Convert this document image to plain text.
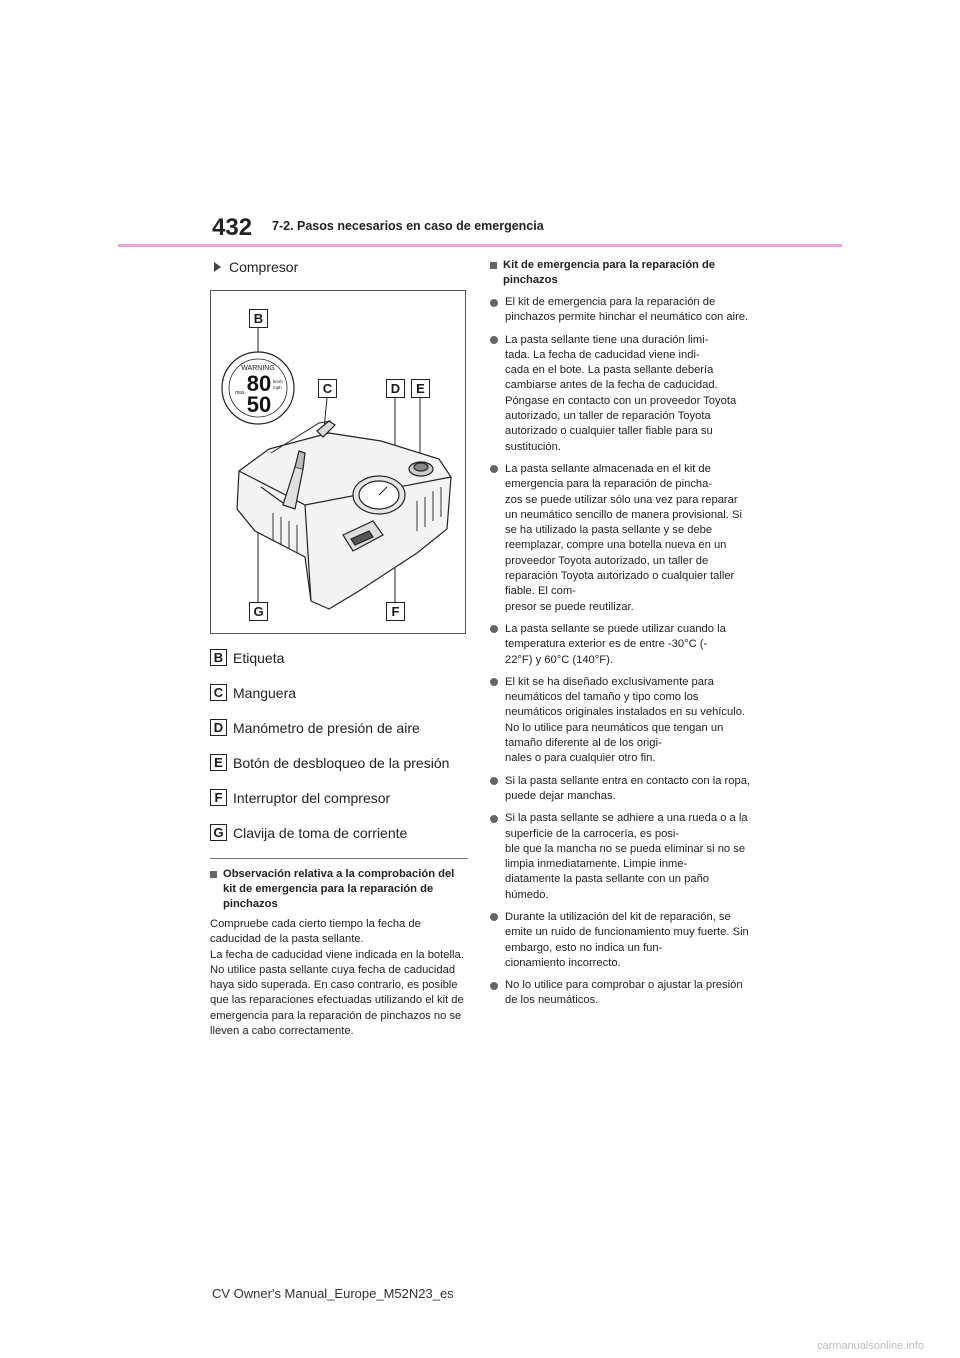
432 7-2. Pasos necesarios en caso de emergencia
Compresor
WARNING
80
50
max.
km/h
mph
B
C	D	E
F
G
B Etiqueta
C Manguera
D Manómetro de presión de aire
E Botón de desbloqueo de la presión
F Interruptor del compresor
G Clavija de toma de corriente
Observación relativa a la comprobación del kit de emergencia para la reparación de pinchazos
Compruebe cada cierto tiempo la fecha de caducidad de la pasta sellante.
La fecha de caducidad viene indicada en la botella. No utilice pasta sellante cuya fecha de caducidad haya sido superada. En caso contrario, es posible que las reparaciones efectuadas utilizando el kit de emergencia para la reparación de pinchazos no se lleven a cabo correctamente.
Kit de emergencia para la reparación de pinchazos
El kit de emergencia para la reparación de pinchazos permite hinchar el neumático con aire.
La pasta sellante tiene una duración limi-
tada. La fecha de caducidad viene indi-
cada en el bote. La pasta sellante debería cambiarse antes de la fecha de caducidad. Póngase en contacto con un proveedor Toyota autorizado, un taller de reparación Toyota autorizado o cualquier taller fiable para su sustitución.
La pasta sellante almacenada en el kit de emergencia para la reparación de pincha-
zos se puede utilizar sólo una vez para reparar un neumático sencillo de manera provisional. Si se ha utilizado la pasta sellante y se debe reemplazar, compre una botella nueva en un proveedor Toyota autorizado, un taller de reparación Toyota autorizado o cualquier taller fiable. El com-
presor se puede reutilizar.
La pasta sellante se puede utilizar cuando la temperatura exterior es de entre -30°C (-
22°F) y 60°C (140°F).
El kit se ha diseñado exclusivamente para neumáticos del tamaño y tipo como los neumáticos originales instalados en su vehículo. No lo utilice para neumáticos que tengan un tamaño diferente al de los origi-
nales o para cualquier otro fin.
Si la pasta sellante entra en contacto con la ropa, puede dejar manchas.
Si la pasta sellante se adhiere a una rueda o a la superficie de la carrocería, es posi-
ble que la mancha no se pueda eliminar si no se limpia inmediatamente. Limpie inme-
diatamente la pasta sellante con un paño húmedo.
Durante la utilización del kit de reparación, se emite un ruido de funcionamiento muy fuerte. Sin embargo, esto no indica un fun-
cionamiento incorrecto.
No lo utilice para comprobar o ajustar la presión de los neumáticos.
CV Owner's Manual_Europe_M52N23_es
carmanualsonline.info
